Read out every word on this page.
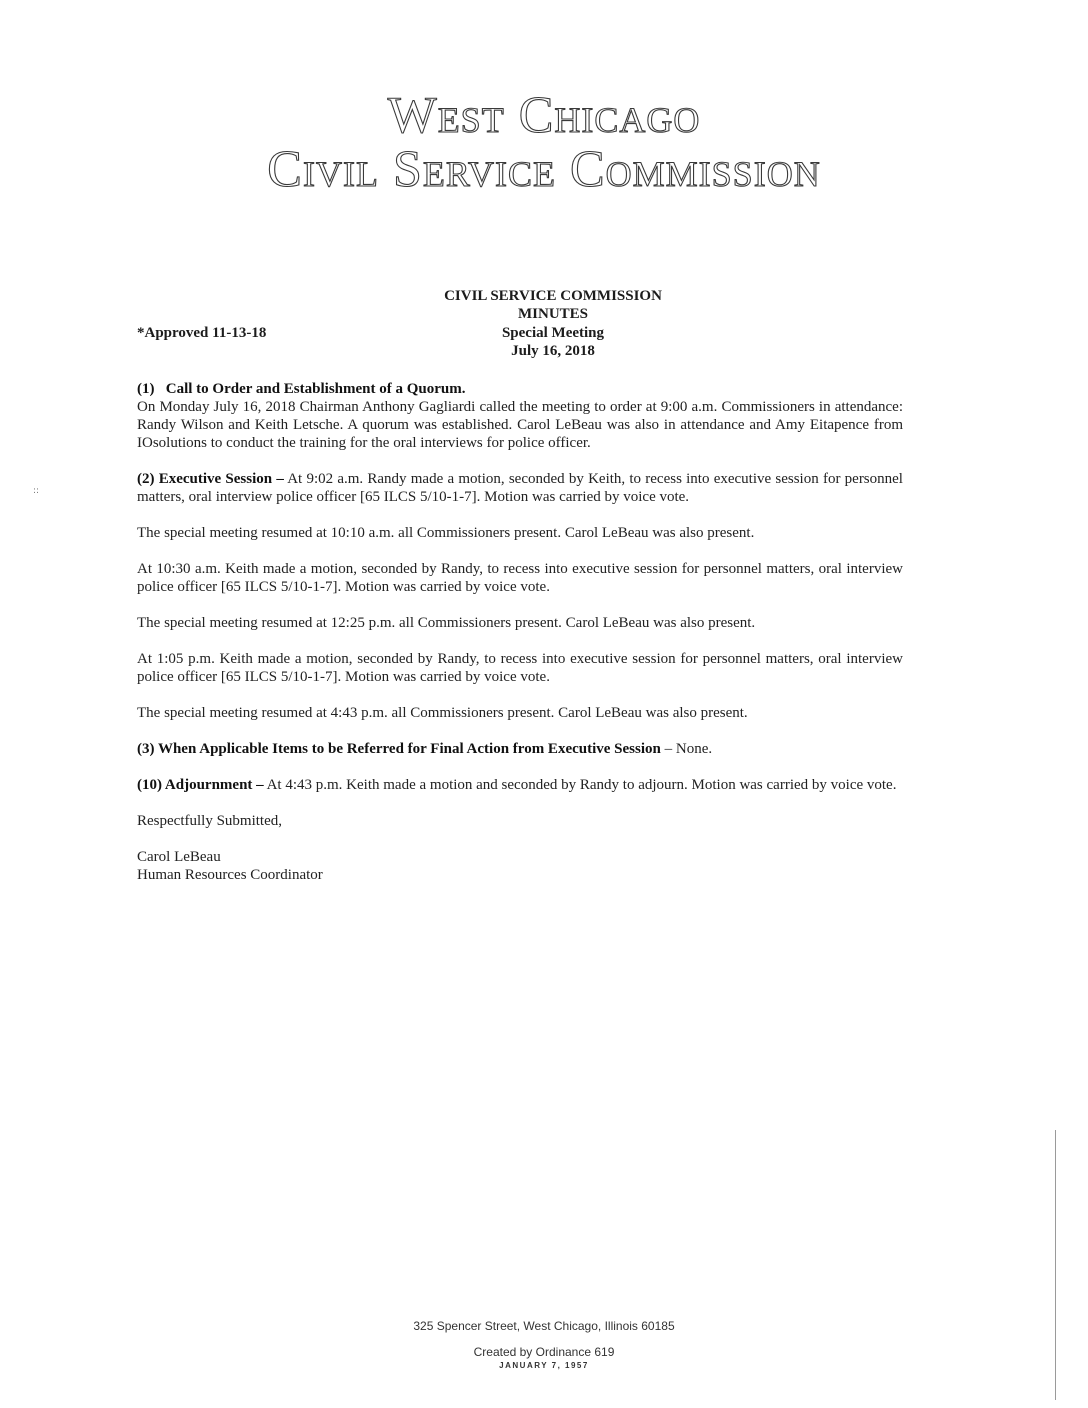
West Chicago
Civil Service Commission
CIVIL SERVICE COMMISSION
MINUTES
Special Meeting
July 16, 2018
*Approved 11-13-18

(1)   Call to Order and Establishment of a Quorum.
On Monday July 16, 2018 Chairman Anthony Gagliardi called the meeting to order at 9:00 a.m. Commissioners in attendance: Randy Wilson and Keith Letsche. A quorum was established. Carol LeBeau was also in attendance and Amy Eitapence from IOsolutions to conduct the training for the oral interviews for police officer.

(2) Executive Session – At 9:02 a.m. Randy made a motion, seconded by Keith, to recess into executive session for personnel matters, oral interview police officer [65 ILCS 5/10-1-7]. Motion was carried by voice vote.

The special meeting resumed at 10:10 a.m. all Commissioners present. Carol LeBeau was also present.

At 10:30 a.m. Keith made a motion, seconded by Randy, to recess into executive session for personnel matters, oral interview police officer [65 ILCS 5/10-1-7]. Motion was carried by voice vote.

The special meeting resumed at 12:25 p.m. all Commissioners present. Carol LeBeau was also present.

At 1:05 p.m. Keith made a motion, seconded by Randy, to recess into executive session for personnel matters, oral interview police officer [65 ILCS 5/10-1-7]. Motion was carried by voice vote.

The special meeting resumed at 4:43 p.m. all Commissioners present. Carol LeBeau was also present.

(3) When Applicable Items to be Referred for Final Action from Executive Session – None.

(10) Adjournment – At 4:43 p.m. Keith made a motion and seconded by Randy to adjourn. Motion was carried by voice vote.

Respectfully Submitted,

Carol LeBeau

Human Resources Coordinator

325 Spencer Street, West Chicago, Illinois 60185
Created by Ordinance 619
JANUARY 7, 1957
::
